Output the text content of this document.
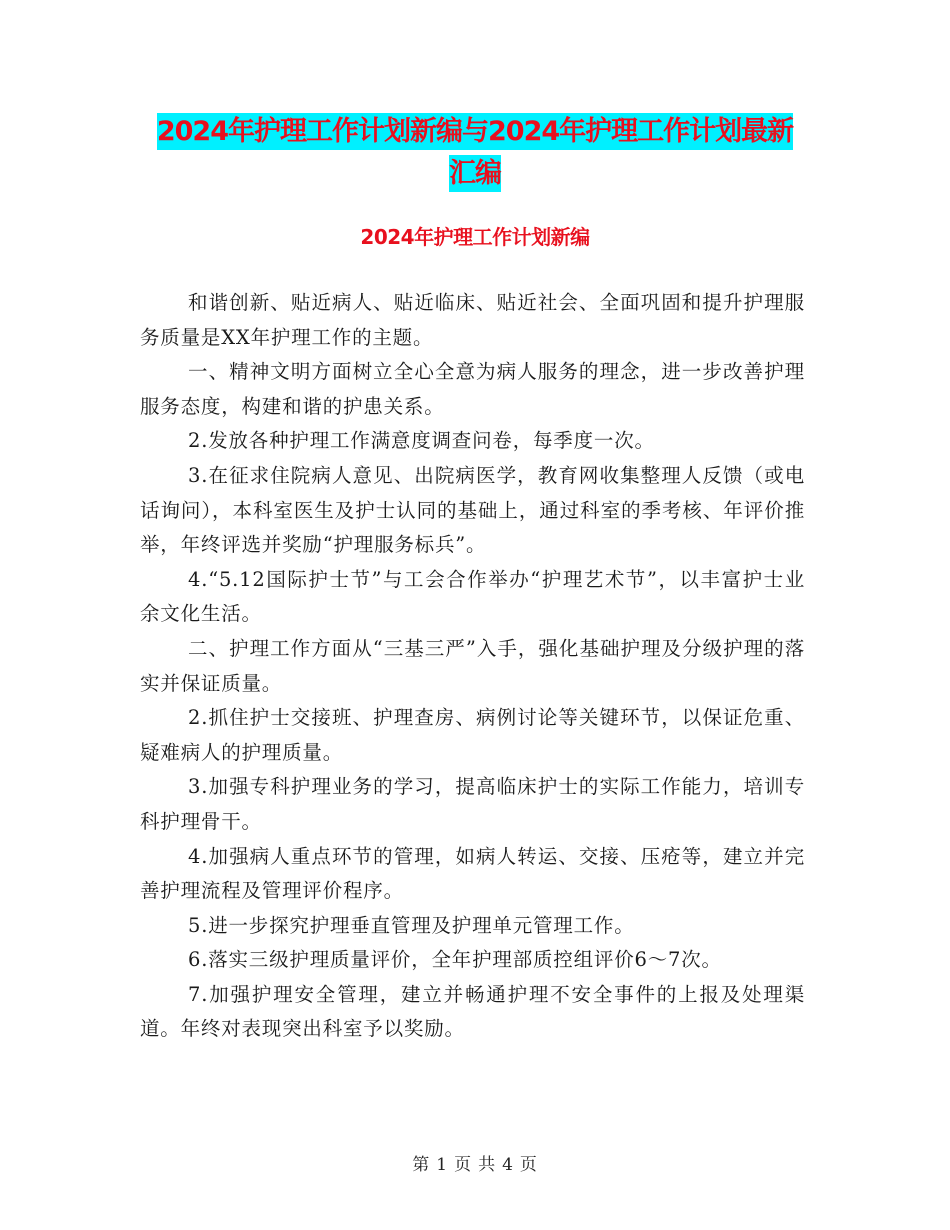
2024年护理工作计划新编与2024年护理工作计划最新
汇编
2024年护理工作计划新编

和谐创新、贴近病人、贴近临床、贴近社会、全面巩固和提升护理服务质量是XX年护理工作的主题。

一、精神文明方面树立全心全意为病人服务的理念，进一步改善护理服务态度，构建和谐的护患关系。

2.发放各种护理工作满意度调查问卷，每季度一次。

3.在征求住院病人意见、出院病医学，教育网收集整理人反馈（或电话询问），本科室医生及护士认同的基础上，通过科室的季考核、年评价推举，年终评选并奖励“护理服务标兵”。

4.“5.12国际护士节”与工会合作举办“护理艺术节”，以丰富护士业余文化生活。

二、护理工作方面从“三基三严”入手，强化基础护理及分级护理的落实并保证质量。

2.抓住护士交接班、护理查房、病例讨论等关键环节，以保证危重、疑难病人的护理质量。

3.加强专科护理业务的学习，提高临床护士的实际工作能力，培训专科护理骨干。

4.加强病人重点环节的管理，如病人转运、交接、压疮等，建立并完善护理流程及管理评价程序。

5.进一步探究护理垂直管理及护理单元管理工作。

6.落实三级护理质量评价，全年护理部质控组评价6～7次。

7.加强护理安全管理，建立并畅通护理不安全事件的上报及处理渠道。年终对表现突出科室予以奖励。

第 1 页 共 4 页
